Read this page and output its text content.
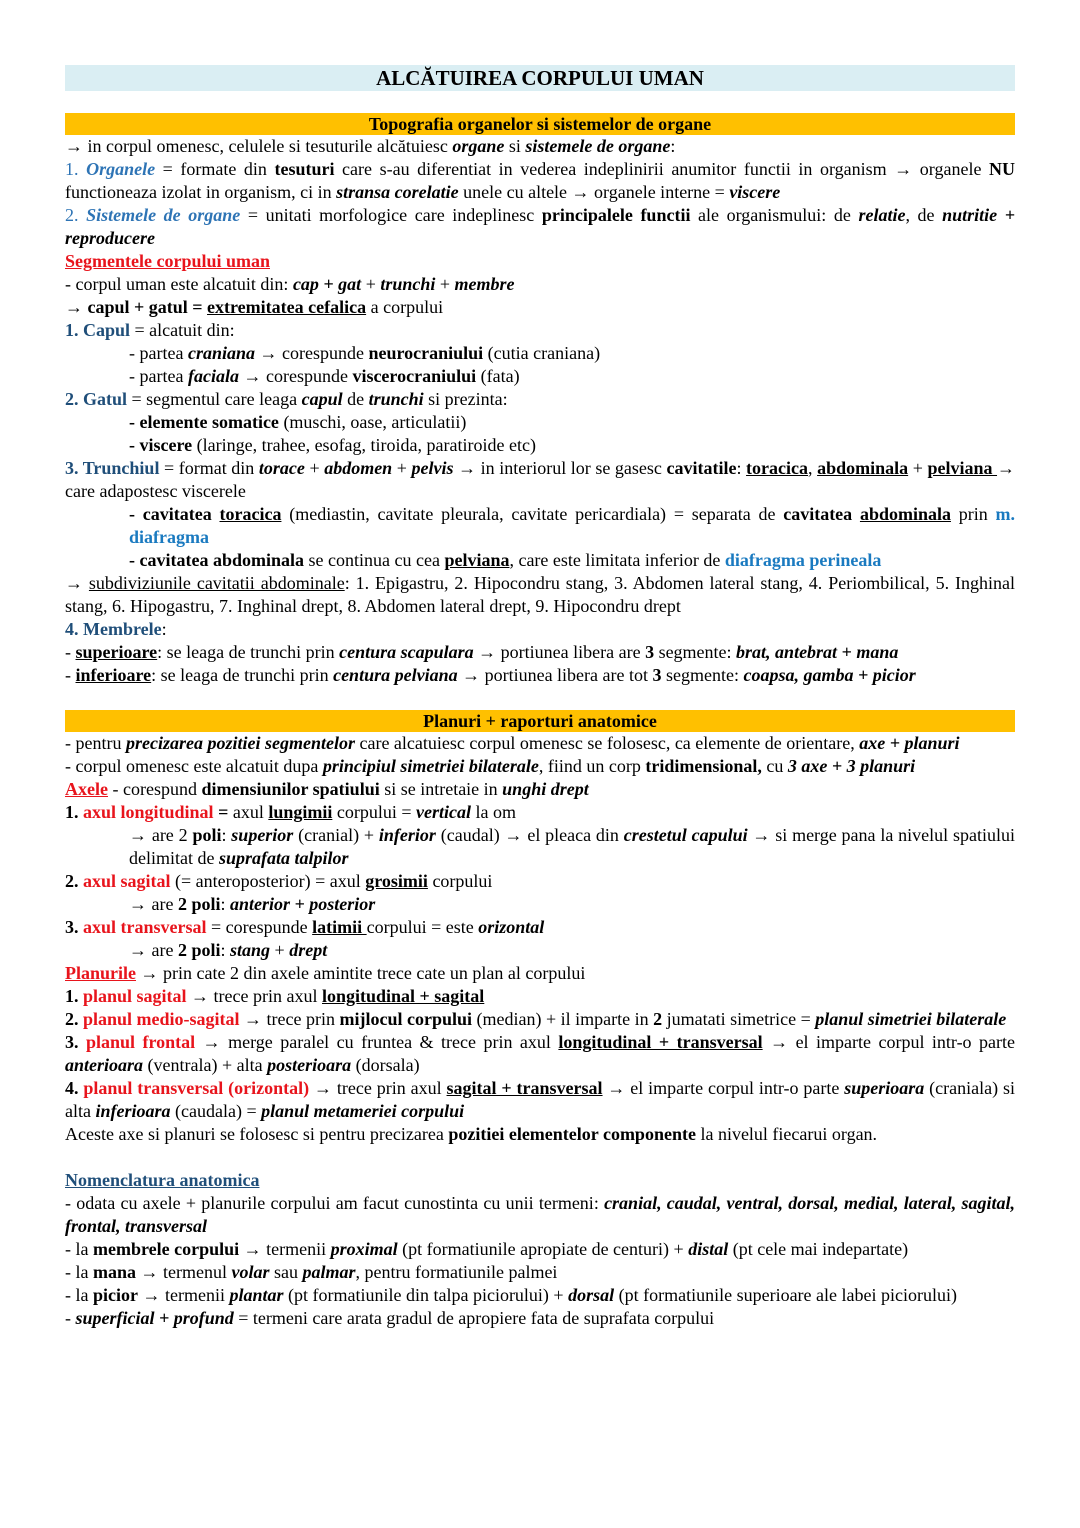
ALCĂTUIREA CORPULUI UMAN
Topografia organelor si sistemelor de organe

→ in corpul omenesc, celulele si tesuturile alcătuiesc organe si sistemele de organe:

1. Organele = formate din tesuturi care s-au diferentiat in vederea indeplinirii anumitor functii in organism → organele NU functioneaza izolat in organism, ci in stransa corelatie unele cu altele → organele interne = viscere

2. Sistemele de organe = unitati morfologice care indeplinesc principalele functii ale organismului: de relatie, de nutritie + reproducere

Segmentele corpului uman

- corpul uman este alcatuit din: cap + gat + trunchi + membre

→ capul + gatul = extremitatea cefalica a corpului

1. Capul = alcatuit din:

- partea craniana → corespunde neurocraniului (cutia craniana)

- partea faciala → corespunde viscerocraniului (fata)

2. Gatul = segmentul care leaga capul de trunchi si prezinta:

- elemente somatice (muschi, oase, articulatii)

- viscere (laringe, trahee, esofag, tiroida, paratiroide etc)

3. Trunchiul = format din torace + abdomen + pelvis → in interiorul lor se gasesc cavitatile: toracica, abdominala + pelviana → care adapostesc viscerele

- cavitatea toracica (mediastin, cavitate pleurala, cavitate pericardiala) = separata de cavitatea abdominala prin m. diafragma

- cavitatea abdominala se continua cu cea pelviana, care este limitata inferior de diafragma perineala

→ subdiviziunile cavitatii abdominale: 1. Epigastru, 2. Hipocondru stang, 3. Abdomen lateral stang, 4. Periombilical, 5. Inghinal stang, 6. Hipogastru, 7. Inghinal drept, 8. Abdomen lateral drept, 9. Hipocondru drept

4. Membrele:

- superioare: se leaga de trunchi prin centura scapulara → portiunea libera are 3 segmente: brat, antebrat + mana

- inferioare: se leaga de trunchi prin centura pelviana → portiunea libera are tot 3 segmente: coapsa, gamba + picior

Planuri + raporturi anatomice

- pentru precizarea pozitiei segmentelor care alcatuiesc corpul omenesc se folosesc, ca elemente de orientare, axe + planuri

- corpul omenesc este alcatuit dupa principiul simetriei bilaterale, fiind un corp tridimensional, cu 3 axe + 3 planuri

Axele - corespund dimensiunilor spatiului si se intretaie in unghi drept

1. axul longitudinal = axul lungimii corpului = vertical la om

→ are 2 poli: superior (cranial) + inferior (caudal) → el pleaca din crestetul capului → si merge pana la nivelul spatiului delimitat de suprafata talpilor

2. axul sagital (= anteroposterior) = axul grosimii corpului

→ are 2 poli: anterior + posterior

3. axul transversal = corespunde latimii corpului = este orizontal

→ are 2 poli: stang + drept

Planurile → prin cate 2 din axele amintite trece cate un plan al corpului

1. planul sagital → trece prin axul longitudinal + sagital

2. planul medio-sagital → trece prin mijlocul corpului (median) + il imparte in 2 jumatati simetrice = planul simetriei bilaterale

3. planul frontal → merge paralel cu fruntea & trece prin axul longitudinal + transversal → el imparte corpul intr-o parte anterioara (ventrala) + alta posterioara (dorsala)

4. planul transversal (orizontal) → trece prin axul sagital + transversal → el imparte corpul intr-o parte superioara (craniala) si alta inferioara (caudala) = planul metameriei corpului

Aceste axe si planuri se folosesc si pentru precizarea pozitiei elementelor componente la nivelul fiecarui organ.

Nomenclatura anatomica

- odata cu axele + planurile corpului am facut cunostinta cu unii termeni: cranial, caudal, ventral, dorsal, medial, lateral, sagital, frontal, transversal

- la membrele corpului → termenii proximal (pt formatiunile apropiate de centuri) + distal (pt cele mai indepartate)

- la mana → termenul volar sau palmar, pentru formatiunile palmei

- la picior → termenii plantar (pt formatiunile din talpa piciorului) + dorsal (pt formatiunile superioare ale labei piciorului)

- superficial + profund = termeni care arata gradul de apropiere fata de suprafata corpului
